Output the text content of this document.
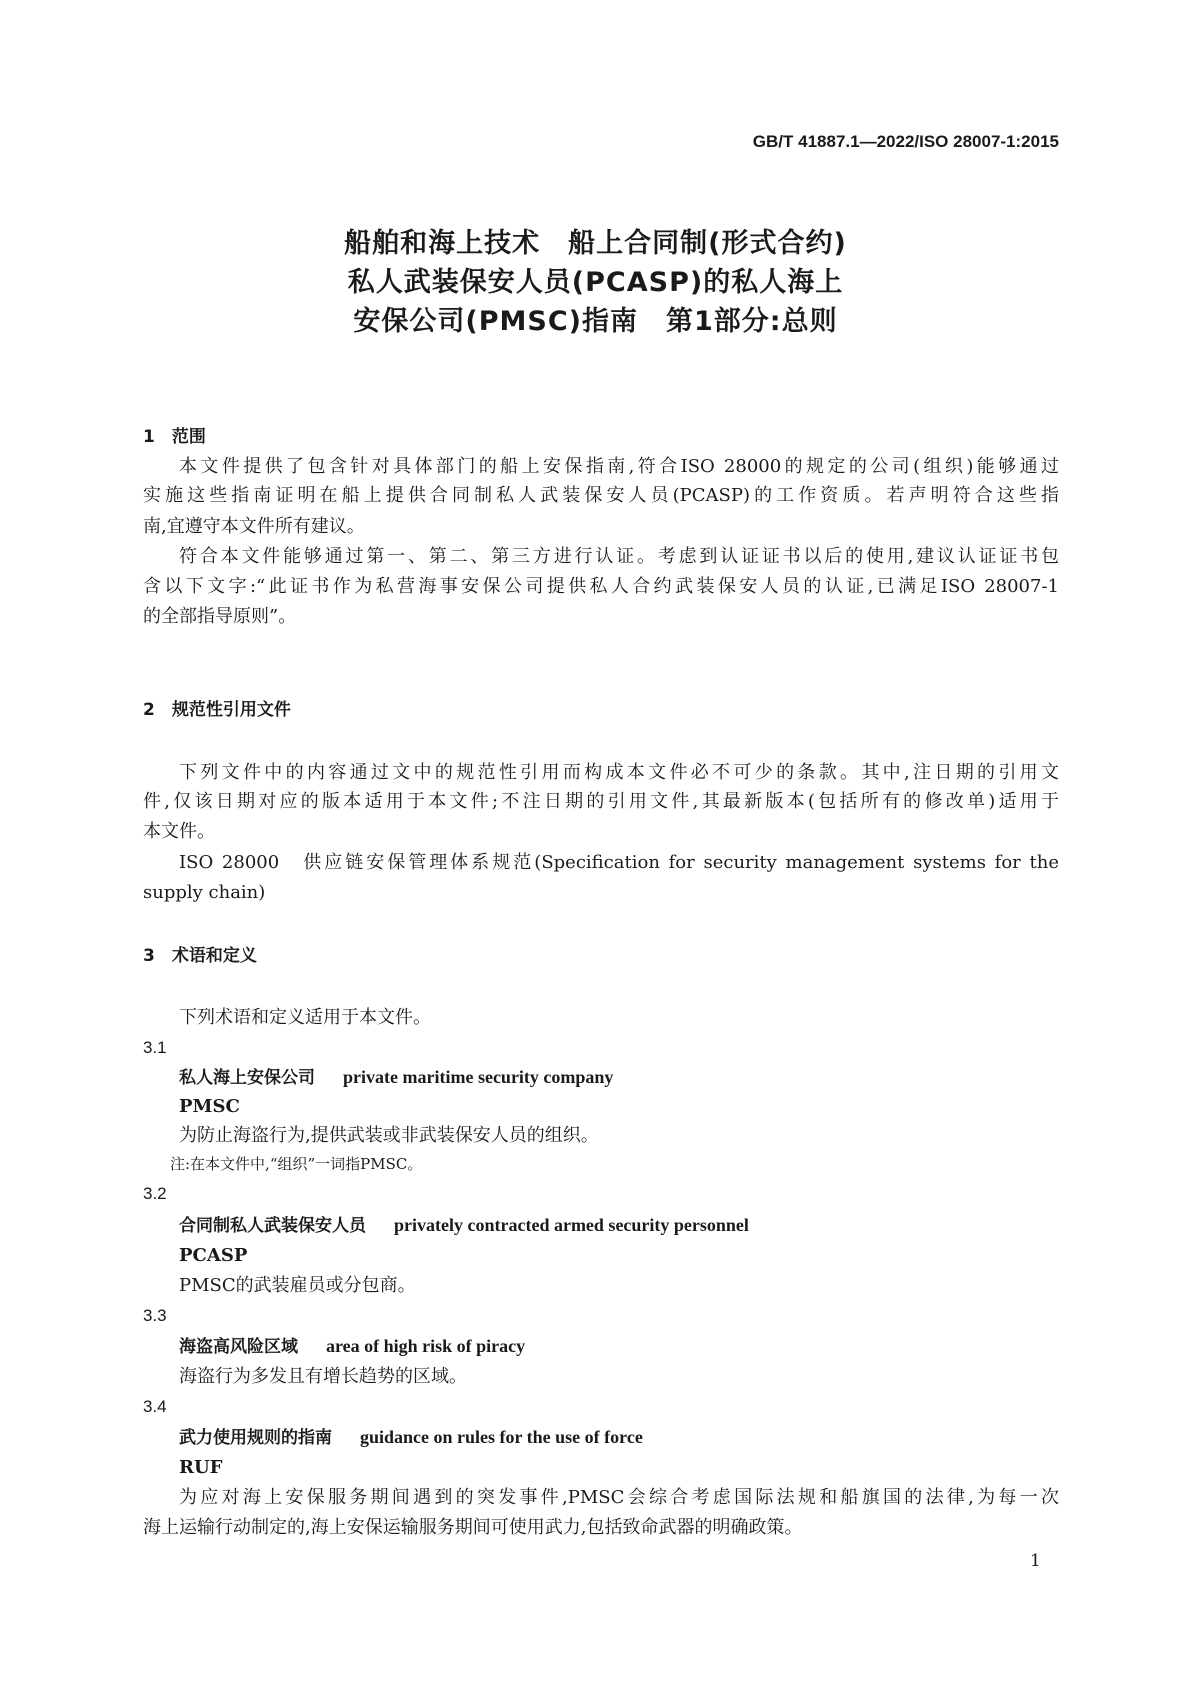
GB/T 41887.1—2022/ISO 28007-1:2015
船舶和海上技术　船上合同制(形式合约)
私人武装保安人员(PCASP)的私人海上
安保公司(PMSC)指南　第1部分:总则
1　范围
本文件提供了包含针对具体部门的船上安保指南,符合ISO 28000的规定的公司(组织)能够通过
实施这些指南证明在船上提供合同制私人武装保安人员(PCASP)的工作资质。若声明符合这些指
南,宜遵守本文件所有建议。
符合本文件能够通过第一、第二、第三方进行认证。考虑到认证证书以后的使用,建议认证证书包
含以下文字:“此证书作为私营海事安保公司提供私人合约武装保安人员的认证,已满足ISO 28007-1
的全部指导原则”。
2　规范性引用文件
下列文件中的内容通过文中的规范性引用而构成本文件必不可少的条款。其中,注日期的引用文
件,仅该日期对应的版本适用于本文件;不注日期的引用文件,其最新版本(包括所有的修改单)适用于
本文件。
ISO 28000　供应链安保管理体系规范(Specification for security management systems for the
supply chain)
3　术语和定义
下列术语和定义适用于本文件。
3.1
私人海上安保公司 private maritime security company
PMSC
为防止海盗行为,提供武装或非武装保安人员的组织。
注:在本文件中,“组织”一词指PMSC。
3.2
合同制私人武装保安人员 privately contracted armed security personnel
PCASP
PMSC的武装雇员或分包商。
3.3
海盗高风险区域 area of high risk of piracy
海盗行为多发且有增长趋势的区域。
3.4
武力使用规则的指南 guidance on rules for the use of force
RUF
为应对海上安保服务期间遇到的突发事件,PMSC会综合考虑国际法规和船旗国的法律,为每一次
海上运输行动制定的,海上安保运输服务期间可使用武力,包括致命武器的明确政策。
1
